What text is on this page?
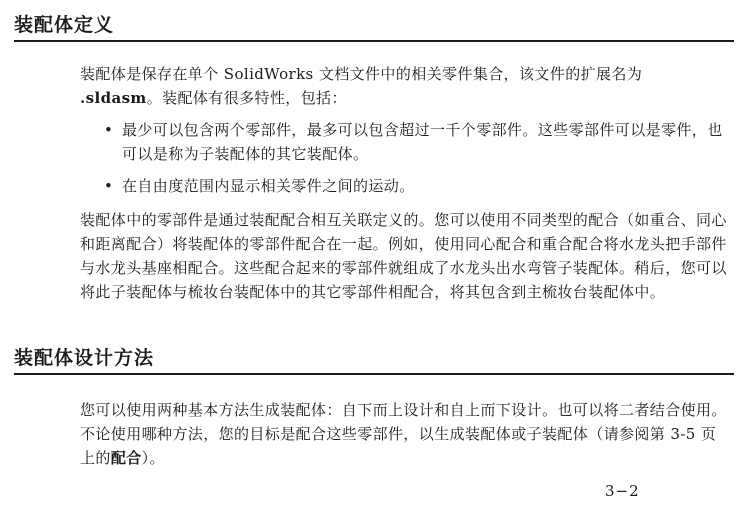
装配体定义

装配体是保存在单个 SolidWorks 文档文件中的相关零件集合，该文件的扩展名为 .sldasm。装配体有很多特性，包括：

• 最少可以包含两个零部件，最多可以包含超过一千个零部件。这些零部件可以是零件，也可以是称为子装配体的其它装配体。
• 在自由度范围内显示相关零件之间的运动。

装配体中的零部件是通过装配配合相互关联定义的。您可以使用不同类型的配合（如重合、同心和距离配合）将装配体的零部件配合在一起。例如，使用同心配合和重合配合将水龙头把手部件与水龙头基座相配合。这些配合起来的零部件就组成了水龙头出水弯管子装配体。稍后，您可以将此子装配体与梳妆台装配体中的其它零部件相配合，将其包含到主梳妆台装配体中。

装配体设计方法

您可以使用两种基本方法生成装配体：自下而上设计和自上而下设计。也可以将二者结合使用。不论使用哪种方法，您的目标是配合这些零部件，以生成装配体或子装配体（请参阅第 3-5 页上的配合）。

3−2
